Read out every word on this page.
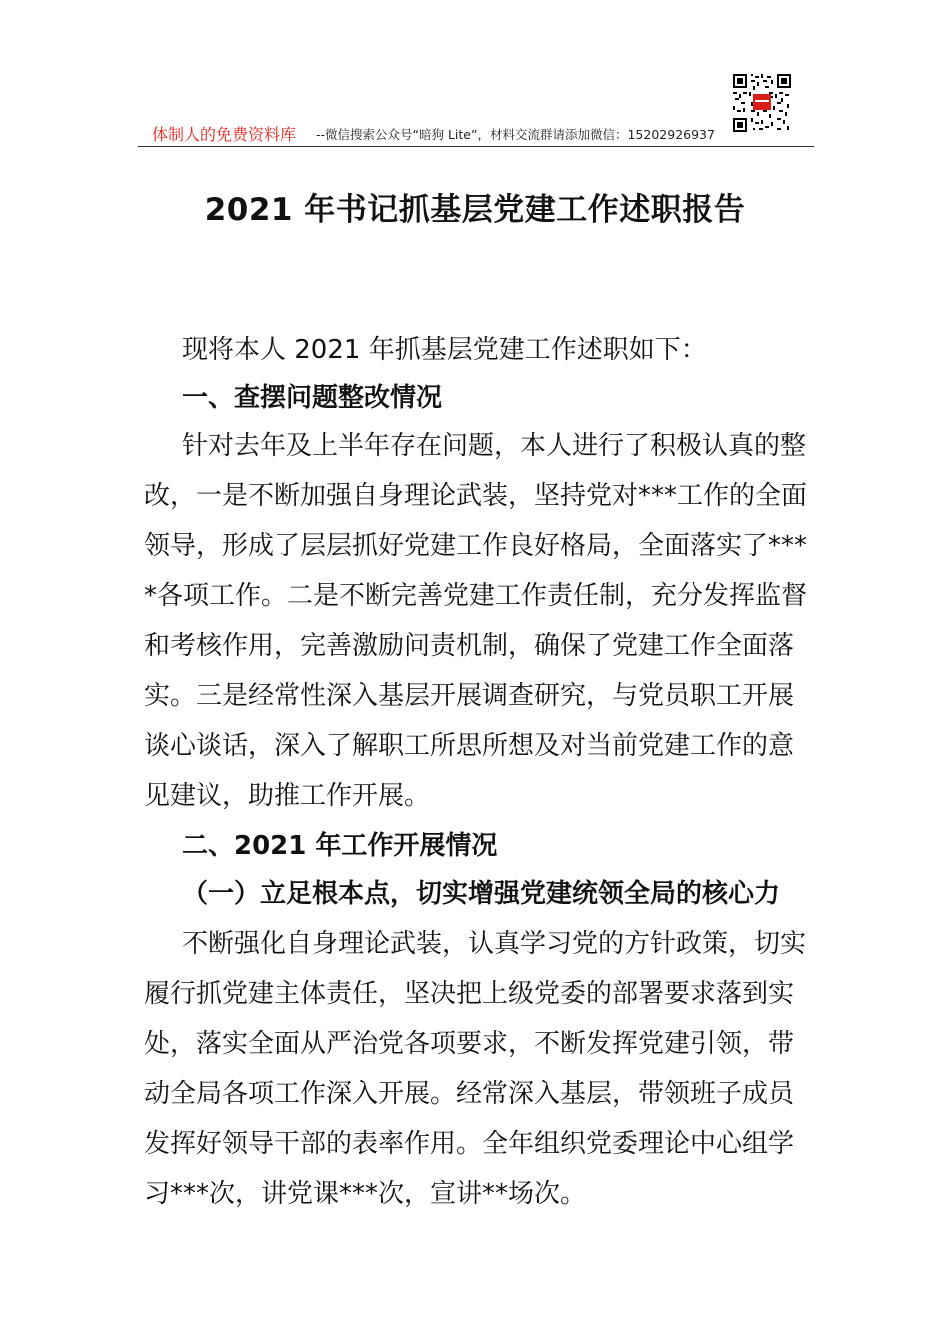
体制人的免费资料库 --微信搜索公众号“暗狗 Lite”，材料交流群请添加微信：15202926937
2021 年书记抓基层党建工作述职报告
现将本人 2021 年抓基层党建工作述职如下：
一、查摆问题整改情况
针对去年及上半年存在问题，本人进行了积极认真的整
改，一是不断加强自身理论武装，坚持党对***工作的全面
领导，形成了层层抓好党建工作良好格局，全面落实了***
*各项工作。二是不断完善党建工作责任制，充分发挥监督
和考核作用，完善激励问责机制，确保了党建工作全面落
实。三是经常性深入基层开展调查研究，与党员职工开展
谈心谈话，深入了解职工所思所想及对当前党建工作的意
见建议，助推工作开展。
二、2021 年工作开展情况
（一）立足根本点，切实增强党建统领全局的核心力
不断强化自身理论武装，认真学习党的方针政策，切实
履行抓党建主体责任，坚决把上级党委的部署要求落到实
处，落实全面从严治党各项要求，不断发挥党建引领，带
动全局各项工作深入开展。经常深入基层，带领班子成员
发挥好领导干部的表率作用。全年组织党委理论中心组学
习***次，讲党课***次，宣讲**场次。
